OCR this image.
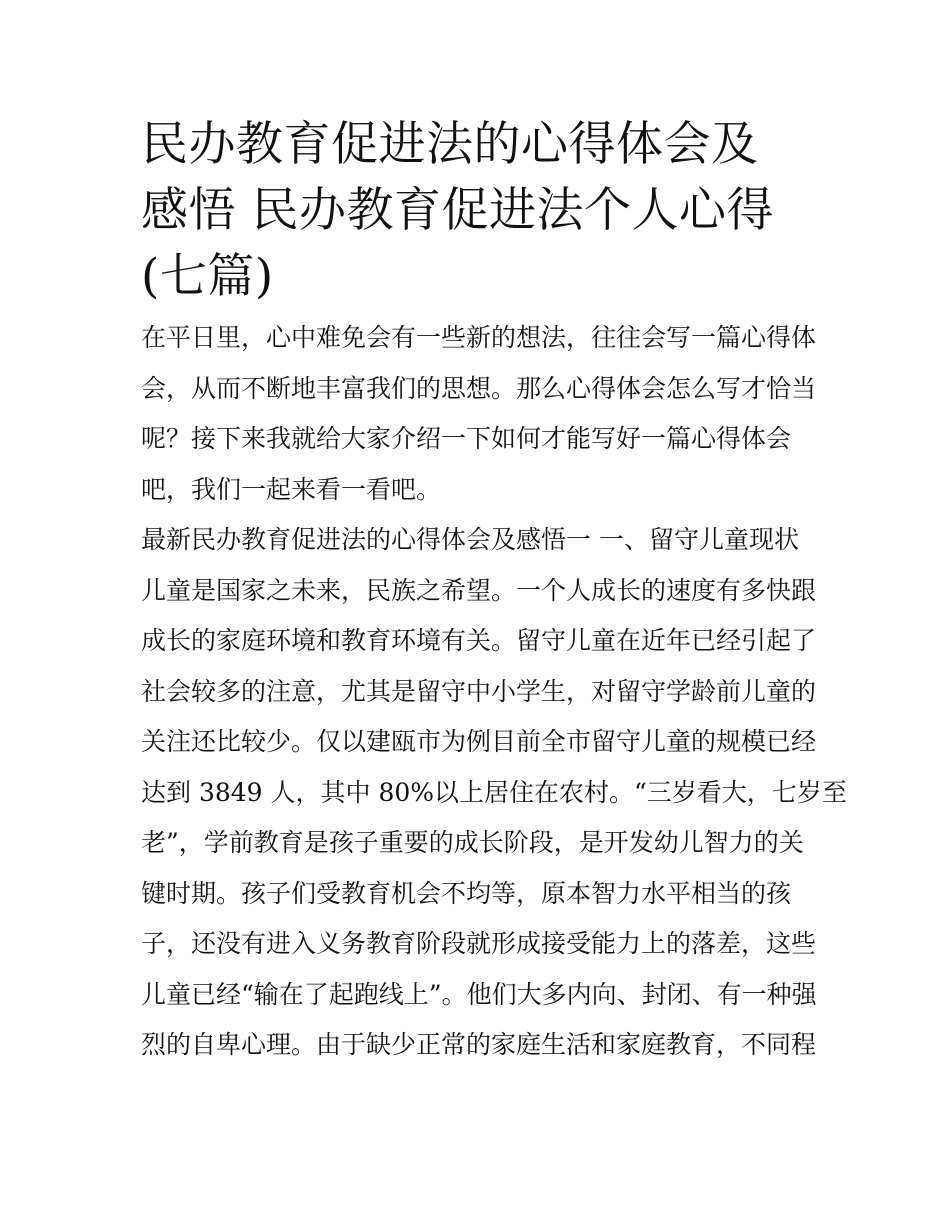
民办教育促进法的心得体会及
感悟 民办教育促进法个人心得
(七篇)

在平日里，心中难免会有一些新的想法，往往会写一篇心得体

会，从而不断地丰富我们的思想。那么心得体会怎么写才恰当

呢？接下来我就给大家介绍一下如何才能写好一篇心得体会

吧，我们一起来看一看吧。

最新民办教育促进法的心得体会及感悟一 一、留守儿童现状

儿童是国家之未来，民族之希望。一个人成长的速度有多快跟

成长的家庭环境和教育环境有关。留守儿童在近年已经引起了

社会较多的注意，尤其是留守中小学生，对留守学龄前儿童的

关注还比较少。仅以建瓯市为例目前全市留守儿童的规模已经

达到 3849 人，其中 80%以上居住在农村。“三岁看大，七岁至

老”，学前教育是孩子重要的成长阶段，是开发幼儿智力的关

键时期。孩子们受教育机会不均等，原本智力水平相当的孩

子，还没有进入义务教育阶段就形成接受能力上的落差，这些

儿童已经“输在了起跑线上”。他们大多内向、封闭、有一种强

烈的自卑心理。由于缺少正常的家庭生活和家庭教育，不同程
